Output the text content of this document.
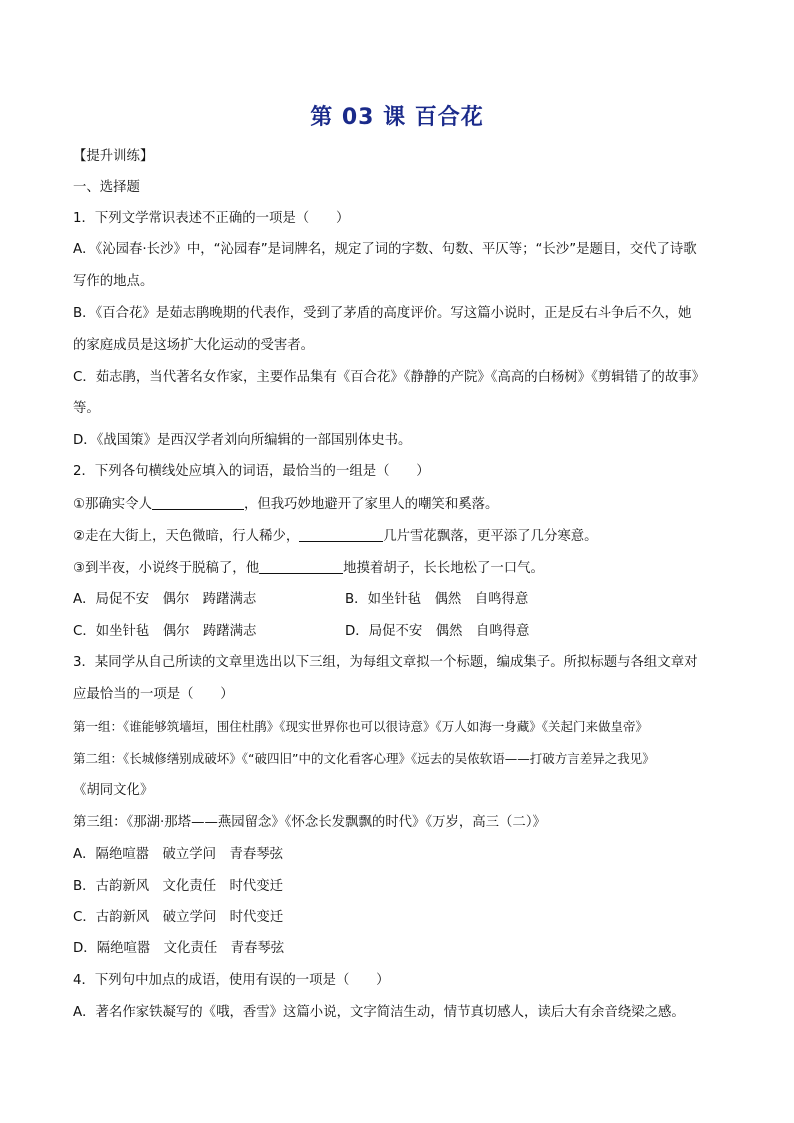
第 03 课 百合花
【提升训练】
一、选择题
1．下列文学常识表述不正确的一项是（　　）
A．《沁园春·长沙》中，“沁园春”是词牌名，规定了词的字数、句数、平仄等；“长沙”是题目，交代了诗歌
写作的地点。
B．《百合花》是茹志鹃晚期的代表作，受到了茅盾的高度评价。写这篇小说时，正是反右斗争后不久，她
的家庭成员是这场扩大化运动的受害者。
C．茹志鹃，当代著名女作家，主要作品集有《百合花》《静静的产院》《高高的白杨树》《剪辑错了的故事》
等。
D．《战国策》是西汉学者刘向所编辑的一部国别体史书。
2．下列各句横线处应填入的词语，最恰当的一组是（　　）
①那确实令人	，但我巧妙地避开了家里人的嘲笑和奚落。
②走在大街上，天色微暗，行人稀少，	几片雪花飘落，更平添了几分寒意。
③到半夜，小说终于脱稿了，他	地摸着胡子，长长地松了一口气。
A．局促不安　偶尔　踌躇满志	B．如坐针毡　偶然　自鸣得意
C．如坐针毡　偶尔　踌躇满志	D．局促不安　偶然　自鸣得意
3．某同学从自己所读的文章里选出以下三组，为每组文章拟一个标题，编成集子。所拟标题与各组文章对
应最恰当的一项是（　　）
第一组：《谁能够筑墙垣，围住杜鹃》《现实世界你也可以很诗意》《万人如海一身藏》《关起门来做皇帝》
第二组：《长城修缮别成破坏》《“破四旧”中的文化看客心理》《远去的吴侬软语——打破方言差异之我见》
《胡同文化》
第三组：《那湖·那塔——燕园留念》《怀念长发飘飘的时代》《万岁，高三（二）》
A．隔绝喧嚣　破立学问　青春琴弦
B．古韵新风　文化责任　时代变迁
C．古韵新风　破立学问　时代变迁
D．隔绝喧嚣　文化责任　青春琴弦
4．下列句中加点的成语，使用有误的一项是（　　）
A．著名作家铁凝写的《哦，香雪》这篇小说，文字简洁生动，情节真切感人，读后大有余音绕梁之感。
